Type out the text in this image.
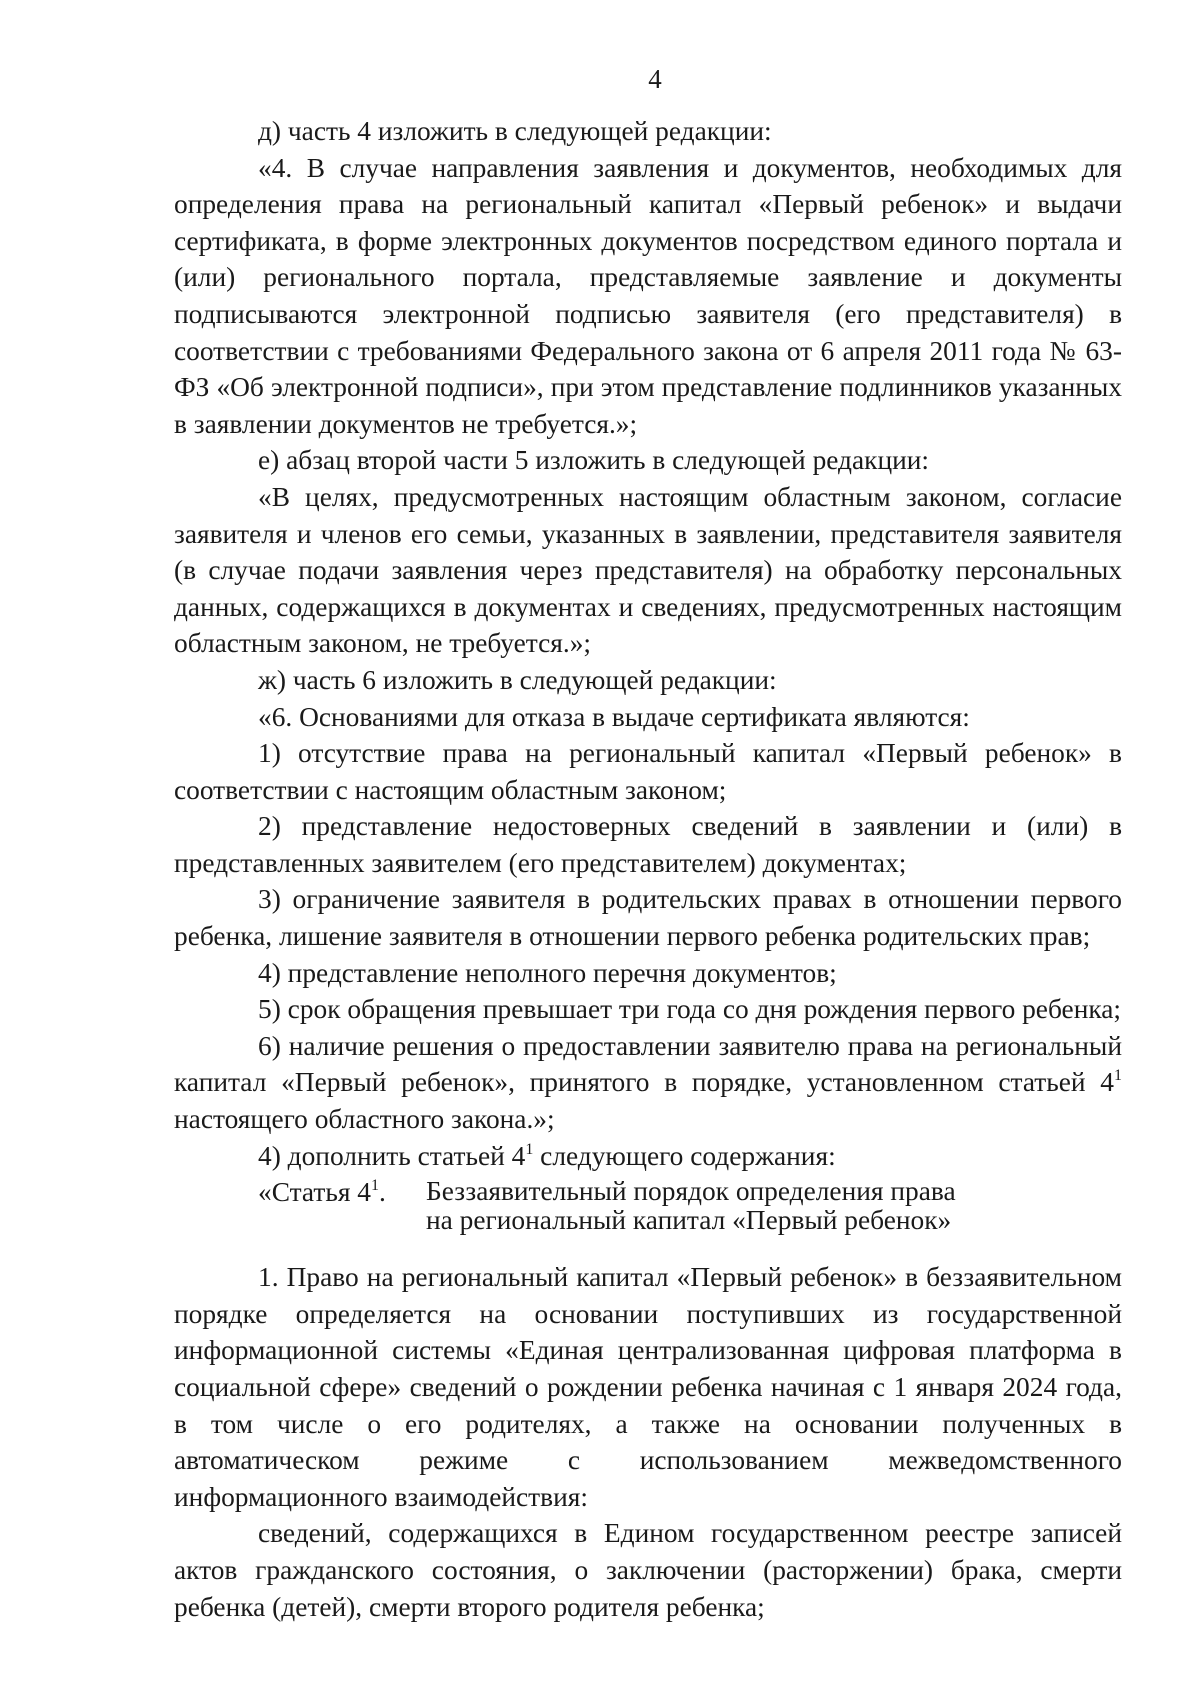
4

д) часть 4 изложить в следующей редакции:

«4. В случае направления заявления и документов, необходимых для определения права на региональный капитал «Первый ребенок» и выдачи сертификата, в форме электронных документов посредством единого портала и (или) регионального портала, представляемые заявление и документы подписываются электронной подписью заявителя (его представителя) в соответствии с требованиями Федерального закона от 6 апреля 2011 года № 63-ФЗ «Об электронной подписи», при этом представление подлинников указанных в заявлении документов не требуется.»;

е) абзац второй части 5 изложить в следующей редакции:

«В целях, предусмотренных настоящим областным законом, согласие заявителя и членов его семьи, указанных в заявлении, представителя заявителя (в случае подачи заявления через представителя) на обработку персональных данных, содержащихся в документах и сведениях, предусмотренных настоящим областным законом, не требуется.»;

ж) часть 6 изложить в следующей редакции:

«6. Основаниями для отказа в выдаче сертификата являются:

1) отсутствие права на региональный капитал «Первый ребенок» в соответствии с настоящим областным законом;

2) представление недостоверных сведений в заявлении и (или) в представленных заявителем (его представителем) документах;

3) ограничение заявителя в родительских правах в отношении первого ребенка, лишение заявителя в отношении первого ребенка родительских прав;

4) представление неполного перечня документов;

5) срок обращения превышает три года со дня рождения первого ребенка;

6) наличие решения о предоставлении заявителю права на региональный капитал «Первый ребенок», принятого в порядке, установленном статьей $4^1$ настоящего областного закона.»;

4) дополнить статьей $4^1$ следующего содержания:

«Статья $4^1$. Беззаявительный порядок определения права
на региональный капитал «Первый ребенок»

1. Право на региональный капитал «Первый ребенок» в беззаявительном порядке определяется на основании поступивших из государственной информационной системы «Единая централизованная цифровая платформа в социальной сфере» сведений о рождении ребенка начиная с 1 января 2024 года, в том числе о его родителях, а также на основании полученных в автоматическом режиме с использованием межведомственного информационного взаимодействия:

сведений, содержащихся в Едином государственном реестре записей актов гражданского состояния, о заключении (расторжении) брака, смерти ребенка (детей), смерти второго родителя ребенка;
